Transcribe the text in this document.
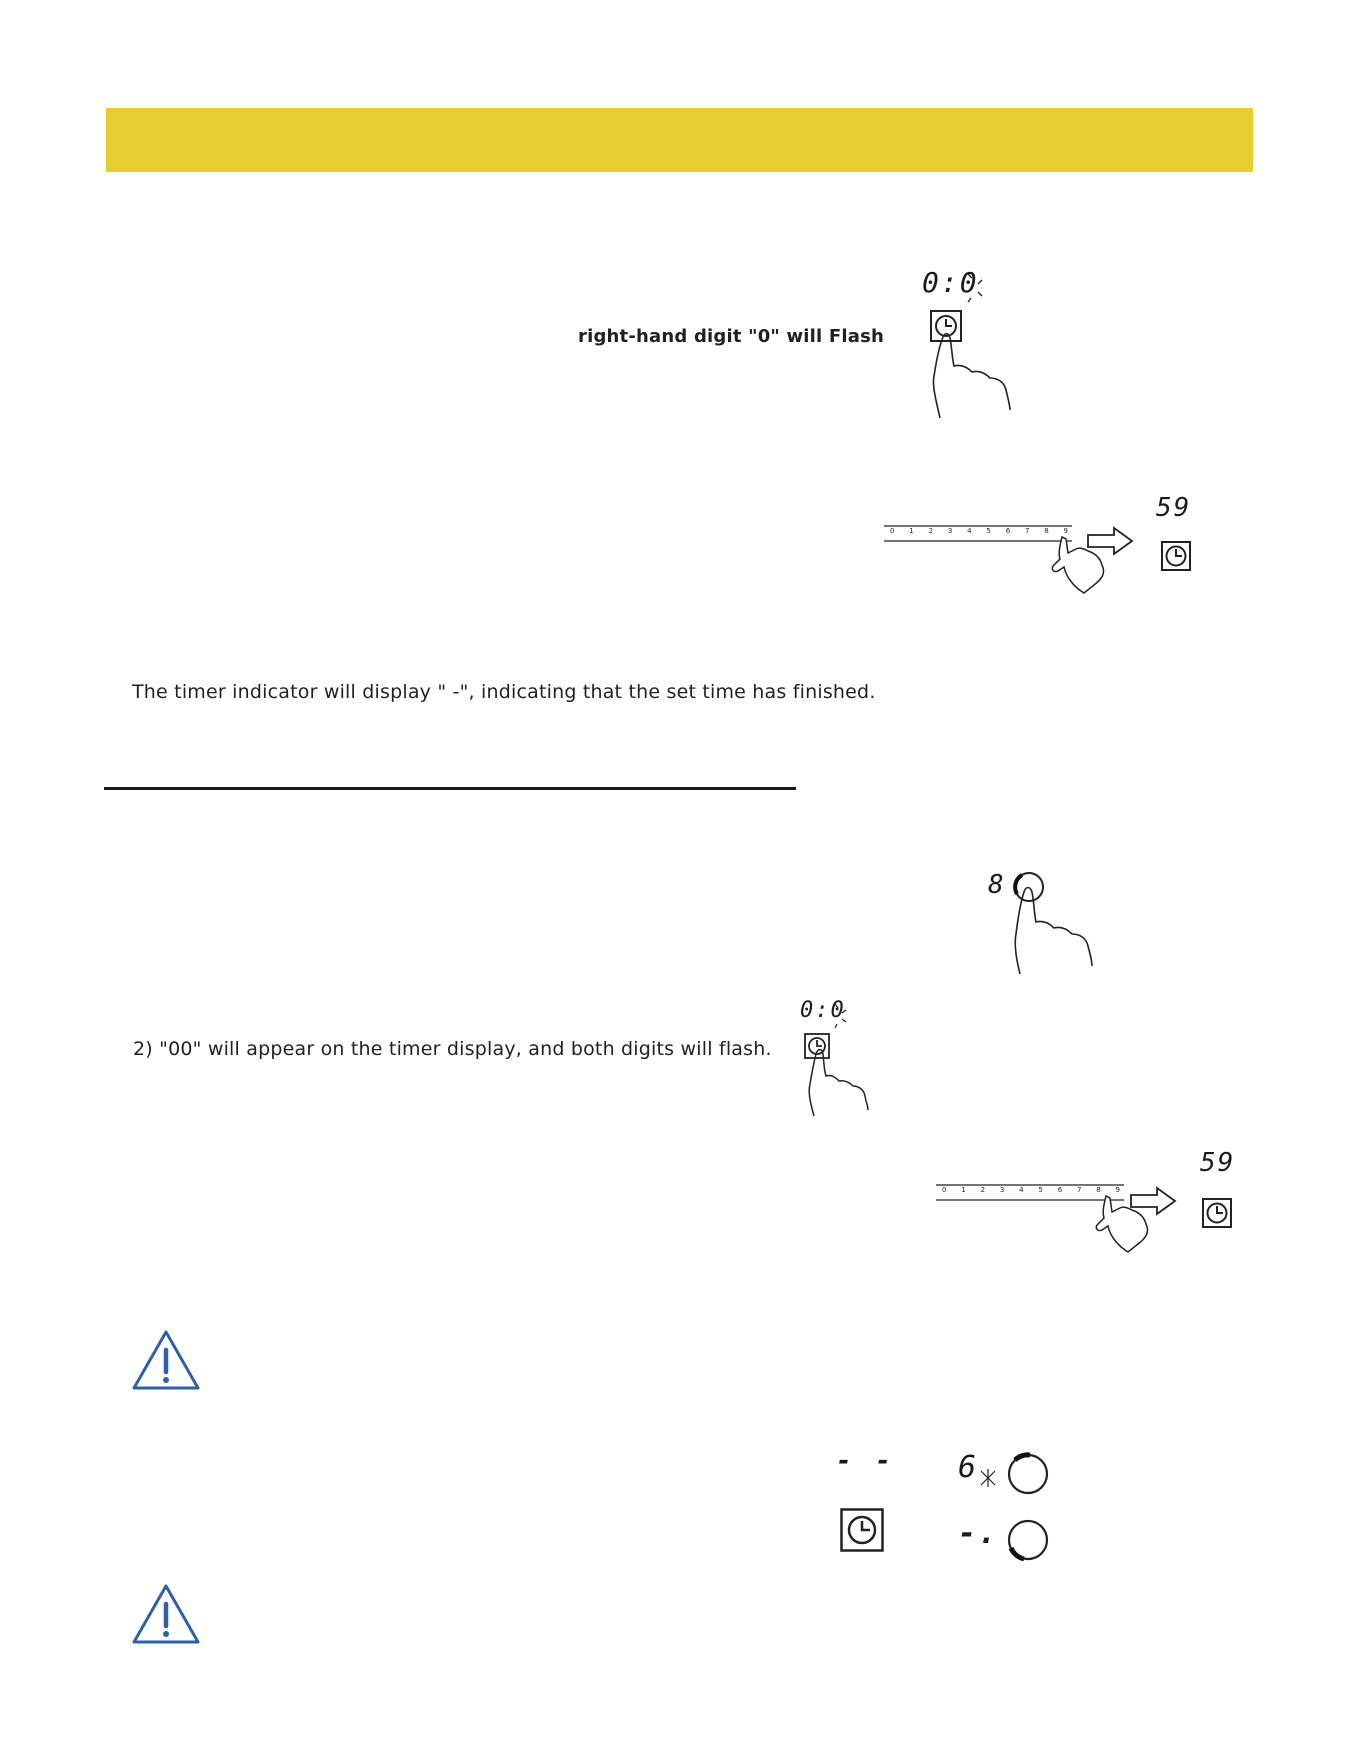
0:0
right-hand digit "0" will Flash
0 1 2 3 4 5 6 7 8 9
59
The timer indicator will display " -", indicating that the set time has finished.
8
2) "00" will appear on the timer display, and both digits will flash.
0:0
0 1 2 3 4 5 6 7 8 9
59
- - 6
-.
